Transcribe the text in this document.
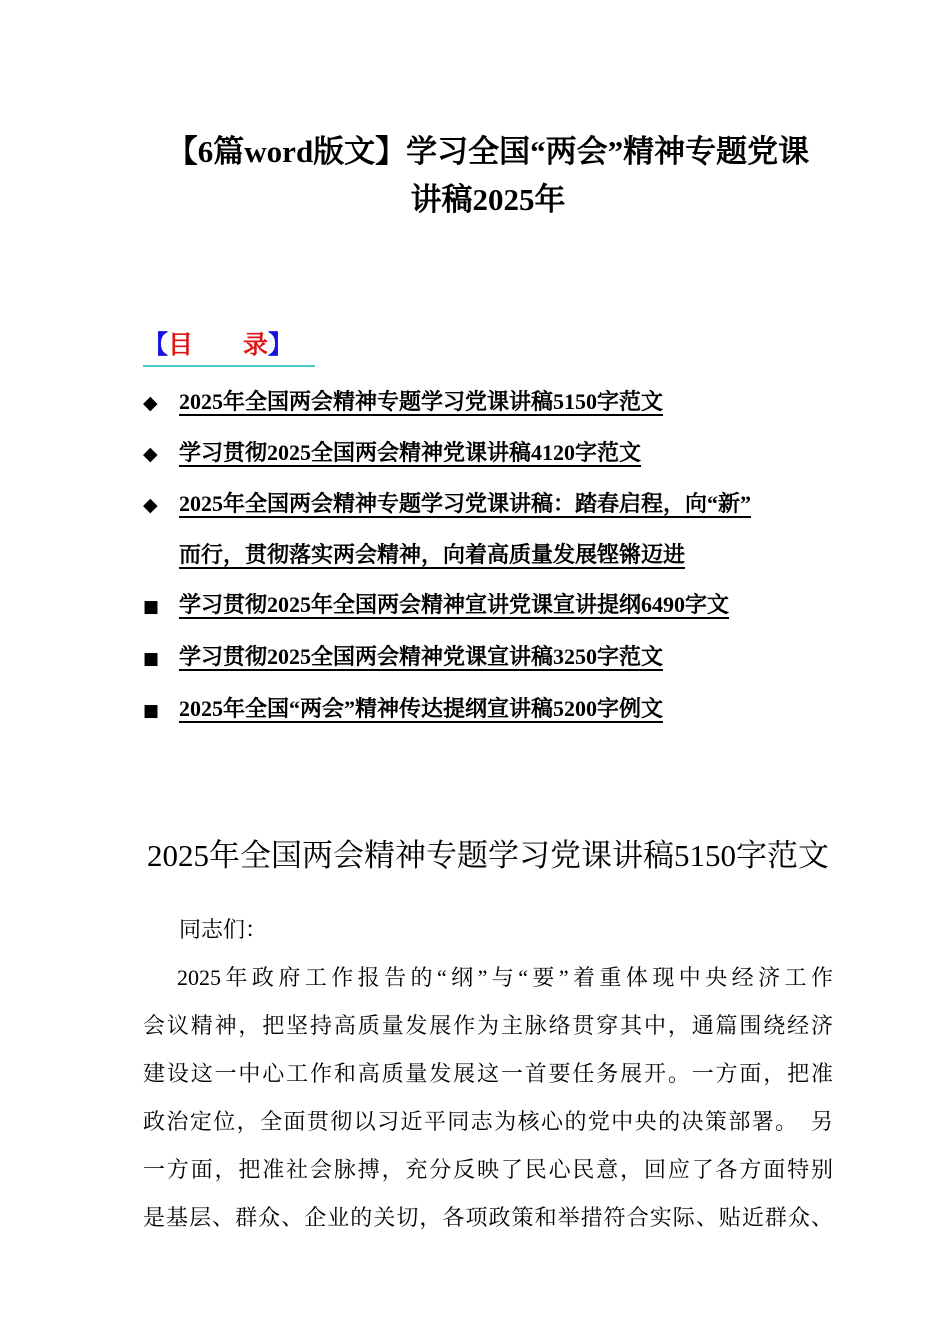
【6篇word版文】学习全国“两会”精神专题党课
讲稿2025年
【目　　录】
◆ 2025年全国两会精神专题学习党课讲稿5150字范文
◆ 学习贯彻2025全国两会精神党课讲稿4120字范文
◆ 2025年全国两会精神专题学习党课讲稿：踏春启程，向“新”
而行，贯彻落实两会精神，向着高质量发展铿锵迈进
■ 学习贯彻2025年全国两会精神宣讲党课宣讲提纲6490字文
■ 学习贯彻2025全国两会精神党课宣讲稿3250字范文
■ 2025年全国“两会”精神传达提纲宣讲稿5200字例文
2025年全国两会精神专题学习党课讲稿5150字范文
同志们：
2025年政府工作报告的“纲”与“要”着重体现中央经济工作
会议精神，把坚持高质量发展作为主脉络贯穿其中，通篇围绕经济
建设这一中心工作和高质量发展这一首要任务展开。一方面，把准
政治定位，全面贯彻以习近平同志为核心的党中央的决策部署。　另
一方面，把准社会脉搏，充分反映了民心民意，回应了各方面特别
是基层、群众、企业的关切，各项政策和举措符合实际、贴近群众、
